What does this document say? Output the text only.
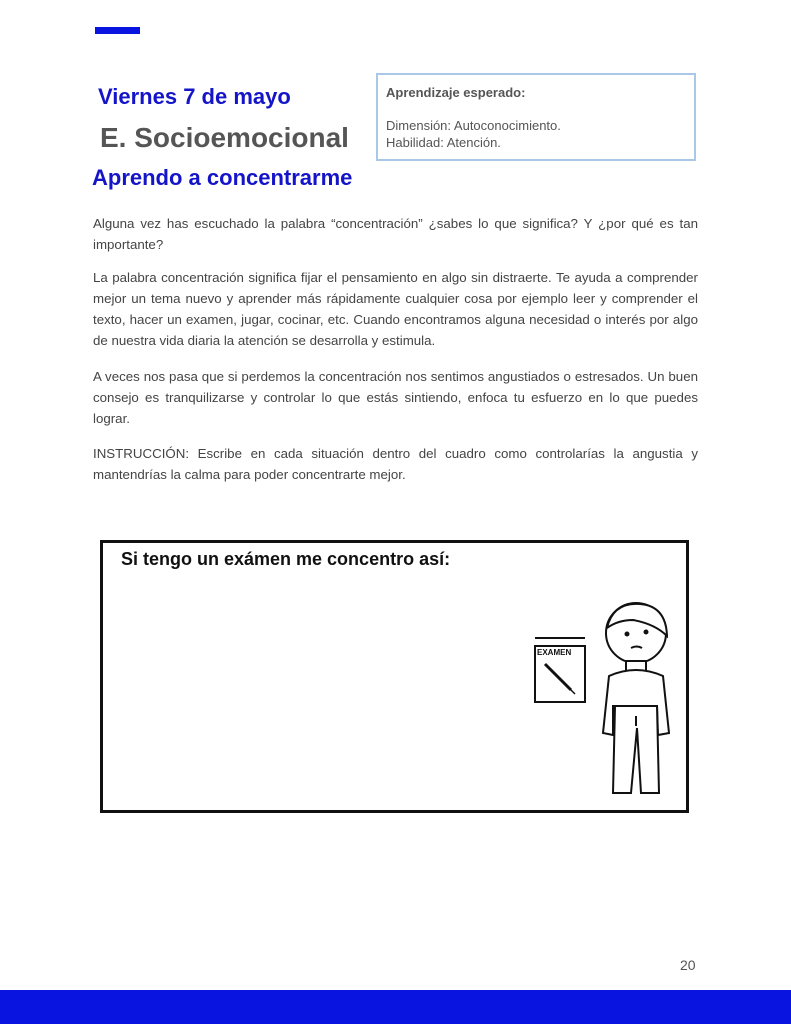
Viernes 7 de mayo
E. Socioemocional
Aprendo a concentrarme
Aprendizaje esperado:
Dimensión: Autoconocimiento.
Habilidad: Atención.

Alguna vez has escuchado la palabra “concentración” ¿sabes lo que significa? Y ¿por qué es tan importante?

La palabra concentración significa fijar el pensamiento en algo sin distraerte. Te ayuda a comprender mejor un tema nuevo y aprender más rápidamente cualquier cosa por ejemplo leer y comprender el texto, hacer un examen, jugar, cocinar, etc. Cuando encontramos alguna necesidad o interés por algo de nuestra vida diaria la atención se desarrolla y estimula.

A veces nos pasa que si perdemos la concentración nos sentimos angustiados o estresados. Un buen consejo es tranquilizarse y controlar lo que estás sintiendo, enfoca tu esfuerzo en lo que puedes lograr.

INSTRUCCIÓN: Escribe en cada situación dentro del cuadro como controlarías la angustia y mantendrías la calma para poder concentrarte mejor.

Si tengo un exámen me concentro así:
EXAMEN
20
